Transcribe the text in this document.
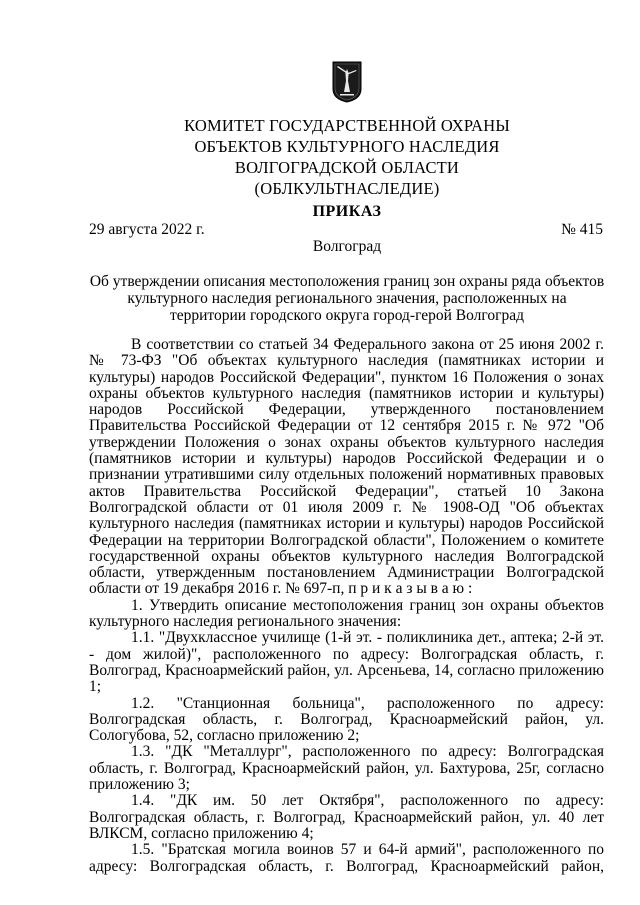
КОМИТЕТ ГОСУДАРСТВЕННОЙ ОХРАНЫ
ОБЪЕКТОВ КУЛЬТУРНОГО НАСЛЕДИЯ
ВОЛГОГРАДСКОЙ ОБЛАСТИ
(ОБЛКУЛЬТНАСЛЕДИЕ)
ПРИКАЗ
29 августа 2022 г.	№ 415
Волгоград
Об утверждении описания местоположения границ зон охраны ряда объектов культурного наследия регионального значения, расположенных на территории городского округа город-герой Волгоград

В соответствии со статьей 34 Федерального закона от 25 июня 2002 г. № 73-ФЗ "Об объектах культурного наследия (памятниках истории и культуры) народов Российской Федерации", пунктом 16 Положения о зонах охраны объектов культурного наследия (памятников истории и культуры) народов Российской Федерации, утвержденного постановлением Правительства Российской Федерации от 12 сентября 2015 г. № 972 "Об утверждении Положения о зонах охраны объектов культурного наследия (памятников истории и культуры) народов Российской Федерации и о признании утратившими силу отдельных положений нормативных правовых актов Правительства Российской Федерации", статьей 10 Закона Волгоградской области от 01 июля 2009 г. № 1908-ОД "Об объектах культурного наследия (памятниках истории и культуры) народов Российской Федерации на территории Волгоградской области", Положением о комитете государственной охраны объектов культурного наследия Волгоградской области, утвержденным постановлением Администрации Волгоградской области от 19 декабря 2016 г. № 697-п, п р и к а з ы в а ю :

1. Утвердить описание местоположения границ зон охраны объектов культурного наследия регионального значения:

1.1. "Двухклассное училище (1-й эт. - поликлиника дет., аптека; 2-й эт. - дом жилой)", расположенного по адресу: Волгоградская область, г. Волгоград, Красноармейский район, ул. Арсеньева, 14, согласно приложению 1;

1.2. "Станционная больница", расположенного по адресу: Волгоградская область, г. Волгоград, Красноармейский район, ул. Сологубова, 52, согласно приложению 2;

1.3. "ДК "Металлург", расположенного по адресу: Волгоградская область, г. Волгоград, Красноармейский район, ул. Бахтурова, 25г, согласно приложению 3;

1.4. "ДК им. 50 лет Октября", расположенного по адресу: Волгоградская область, г. Волгоград, Красноармейский район, ул. 40 лет ВЛКСМ, согласно приложению 4;

1.5. "Братская могила воинов 57 и 64-й армий", расположенного по адресу: Волгоградская область, г. Волгоград, Красноармейский район,
